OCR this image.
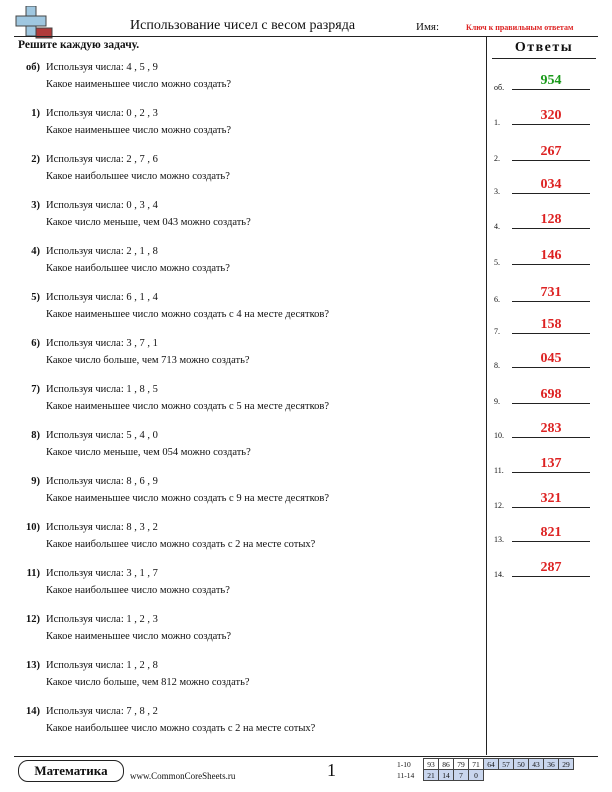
Использование чисел с весом разряда	Имя:	Ключ к правильным ответам
Решите каждую задачу.	Ответы
об) Используя числа: 4 , 5 , 9
Какое наименьшее число можно создать?
1) Используя числа: 0 , 2 , 3
Какое наименьшее число можно создать?
2) Используя числа: 2 , 7 , 6
Какое наибольшее число можно создать?
3) Используя числа: 0 , 3 , 4
Какое число меньше, чем 043 можно создать?
4) Используя числа: 2 , 1 , 8
Какое наибольшее число можно создать?
5) Используя числа: 6 , 1 , 4
Какое наименьшее число можно создать с 4 на месте десятков?
6) Используя числа: 3 , 7 , 1
Какое число больше, чем 713 можно создать?
7) Используя числа: 1 , 8 , 5
Какое наименьшее число можно создать с 5 на месте десятков?
8) Используя числа: 5 , 4 , 0
Какое число меньше, чем 054 можно создать?
9) Используя числа: 8 , 6 , 9
Какое наименьшее число можно создать с 9 на месте десятков?
10) Используя числа: 8 , 3 , 2
Какое наибольшее число можно создать с 2 на месте сотых?
11) Используя числа: 3 , 1 , 7
Какое наибольшее число можно создать?
12) Используя числа: 1 , 2 , 3
Какое наименьшее число можно создать?
13) Используя числа: 1 , 2 , 8
Какое число больше, чем 812 можно создать?
14) Используя числа: 7 , 8 , 2
Какое наибольшее число можно создать с 2 на месте сотых?
об.	954
1.	320
2.	267
3.	034
4.	128
5.	146
6.	731
7.	158
8.	045
9.	698
10.	283
11.	137
12.	321
13.	821
14.	287
Математика	www.CommonCoreSheets.ru	1	1-10	93	86	79	71	64	57	50	43	36	29
11-14	21	14	7	0						
